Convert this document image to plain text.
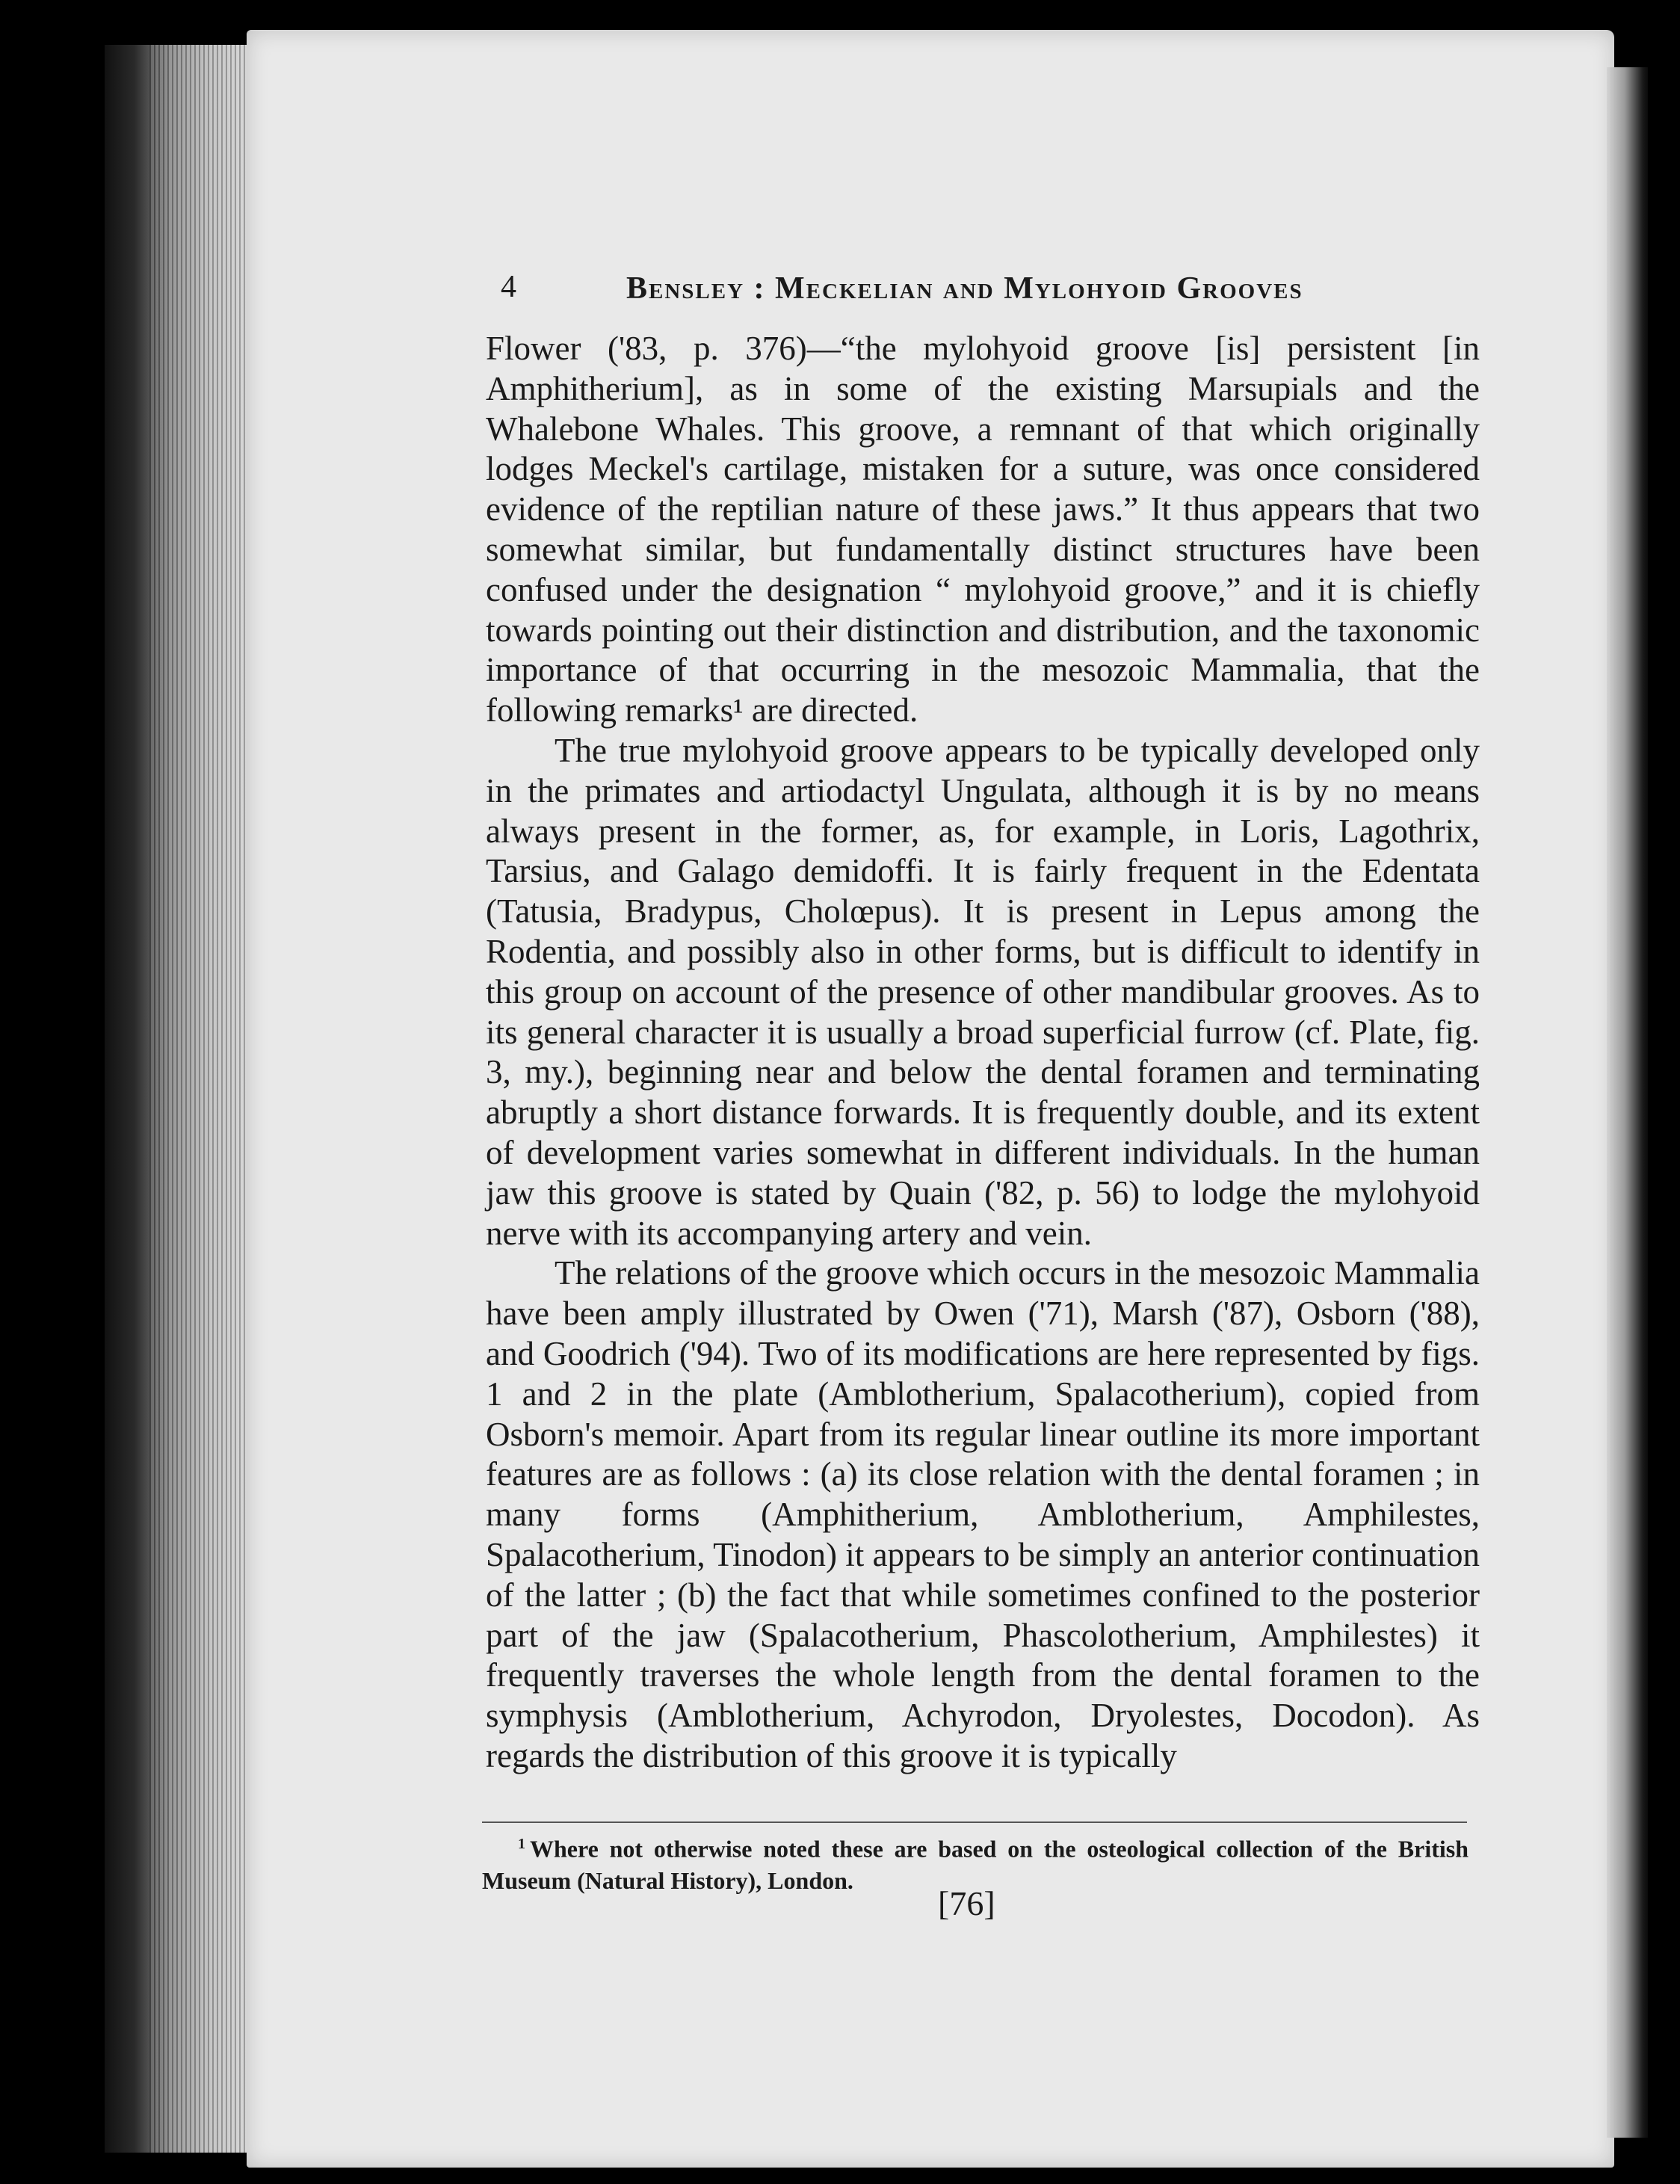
4	Bensley : Meckelian and Mylohyoid Grooves

Flower ('83, p. 376)—“the mylohyoid groove [is] persistent [in Amphitherium], as in some of the existing Marsupials and the Whalebone Whales. This groove, a remnant of that which originally lodges Meckel's cartilage, mistaken for a suture, was once considered evidence of the reptilian nature of these jaws.” It thus appears that two somewhat similar, but fundamentally distinct structures have been confused under the designation “ mylohyoid groove,” and it is chiefly towards pointing out their distinction and distribution, and the taxonomic importance of that occurring in the mesozoic Mammalia, that the following remarks¹ are directed.

The true mylohyoid groove appears to be typically developed only in the primates and artiodactyl Ungulata, although it is by no means always present in the former, as, for example, in Loris, Lagothrix, Tarsius, and Galago demidoffi. It is fairly frequent in the Edentata (Tatusia, Bradypus, Cholœpus). It is present in Lepus among the Rodentia, and possibly also in other forms, but is difficult to identify in this group on account of the presence of other mandibular grooves. As to its general character it is usually a broad superficial furrow (cf. Plate, fig. 3, my.), beginning near and below the dental foramen and terminating abruptly a short distance forwards. It is frequently double, and its extent of development varies somewhat in different individuals. In the human jaw this groove is stated by Quain ('82, p. 56) to lodge the mylohyoid nerve with its accompanying artery and vein.

The relations of the groove which occurs in the mesozoic Mammalia have been amply illustrated by Owen ('71), Marsh ('87), Osborn ('88), and Goodrich ('94). Two of its modifications are here represented by figs. 1 and 2 in the plate (Amblotherium, Spalacotherium), copied from Osborn's memoir. Apart from its regular linear outline its more important features are as follows : (a) its close relation with the dental foramen ; in many forms (Amphitherium, Amblotherium, Amphilestes, Spalacotherium, Tinodon) it appears to be simply an anterior continuation of the latter ; (b) the fact that while sometimes confined to the posterior part of the jaw (Spalacotherium, Phascolotherium, Amphilestes) it frequently traverses the whole length from the dental foramen to the symphysis (Amblotherium, Achyrodon, Dryolestes, Docodon). As regards the distribution of this groove it is typically

$^1$ Where not otherwise noted these are based on the osteological collection of the British Museum (Natural History), London.
[76]
